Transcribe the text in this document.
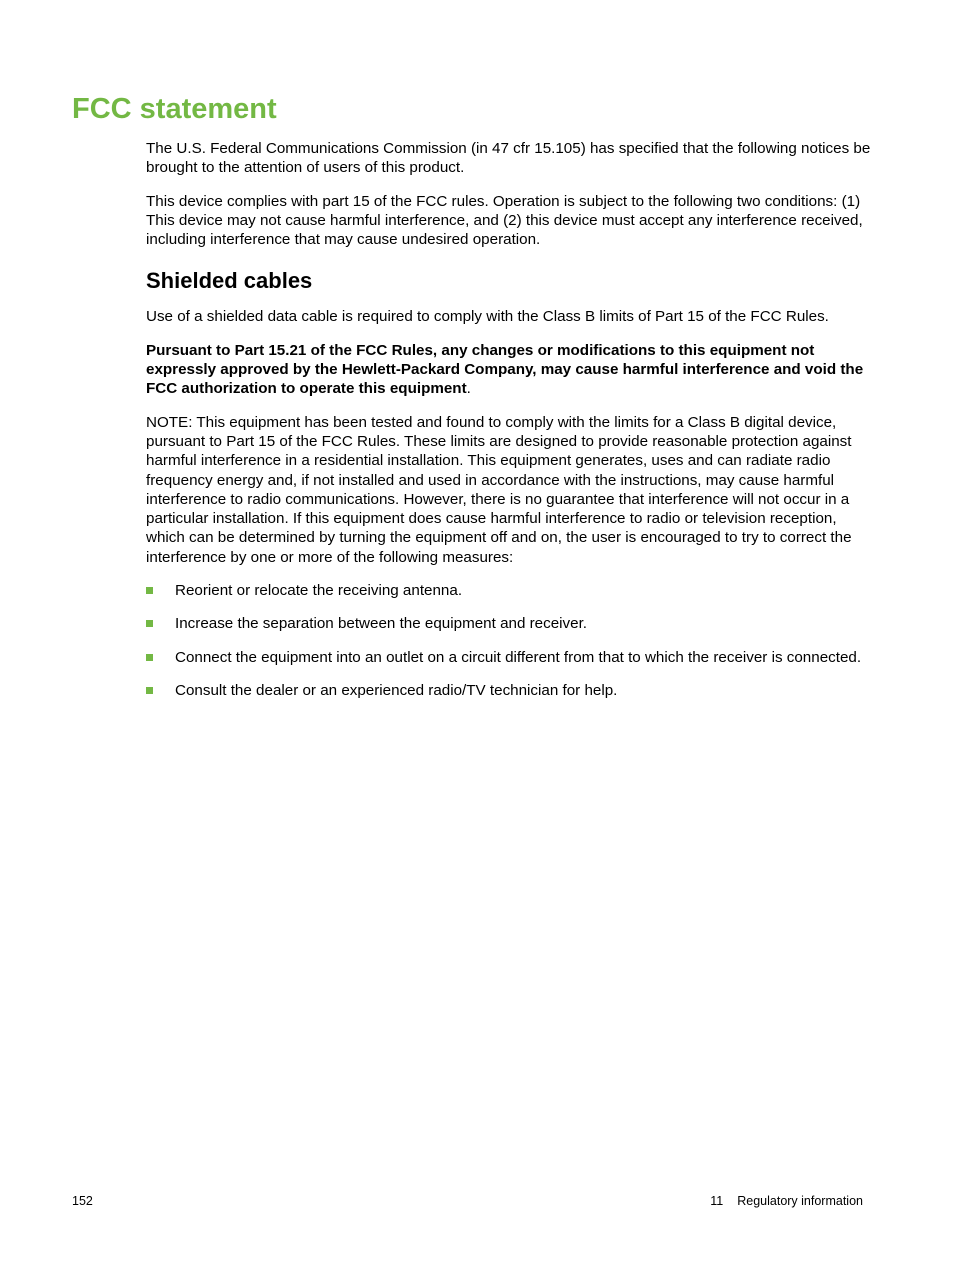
FCC statement

The U.S. Federal Communications Commission (in 47 cfr 15.105) has specified that the following notices be brought to the attention of users of this product.

This device complies with part 15 of the FCC rules. Operation is subject to the following two conditions: (1) This device may not cause harmful interference, and (2) this device must accept any interference received, including interference that may cause undesired operation.

Shielded cables

Use of a shielded data cable is required to comply with the Class B limits of Part 15 of the FCC Rules.

Pursuant to Part 15.21 of the FCC Rules, any changes or modifications to this equipment not expressly approved by the Hewlett-Packard Company, may cause harmful interference and void the FCC authorization to operate this equipment.

NOTE: This equipment has been tested and found to comply with the limits for a Class B digital device, pursuant to Part 15 of the FCC Rules. These limits are designed to provide reasonable protection against harmful interference in a residential installation. This equipment generates, uses and can radiate radio frequency energy and, if not installed and used in accordance with the instructions, may cause harmful interference to radio communications. However, there is no guarantee that interference will not occur in a particular installation. If this equipment does cause harmful interference to radio or television reception, which can be determined by turning the equipment off and on, the user is encouraged to try to correct the interference by one or more of the following measures:

Reorient or relocate the receiving antenna.
Increase the separation between the equipment and receiver.
Connect the equipment into an outlet on a circuit different from that to which the receiver is connected.
Consult the dealer or an experienced radio/TV technician for help.
152	11 Regulatory information
